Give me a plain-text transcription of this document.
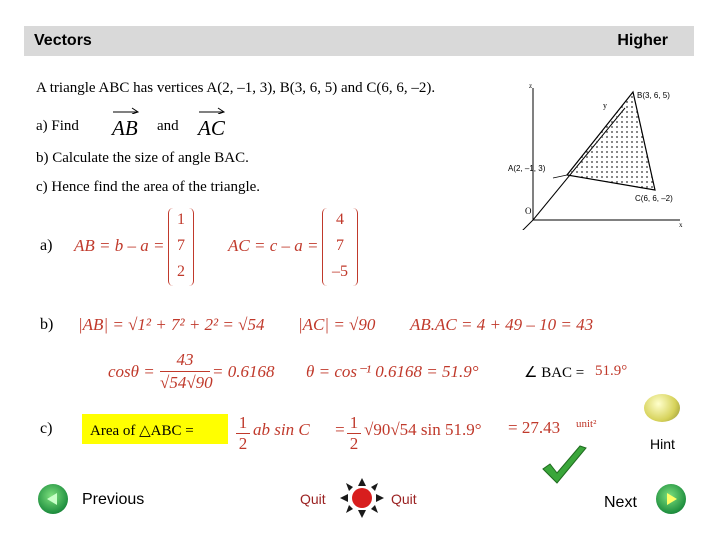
Vectors	Higher
A triangle ABC has vertices A(2, –1, 3), B(3, 6, 5) and C(6, 6, –2).
a) Find AB and AC
b) Calculate the size of angle BAC.
c) Hence find the area of the triangle.
z
y
x
O
B(3, 6, 5)
A(2, –1, 3)
C(6, 6, –2)
a) AB = b – a =
1
7
2
AC = c – a =
4
7
–5
b) |AB| = √1² + 7² + 2² = √54 |AC| = √90 AB.AC = 4 + 49 – 10 = 43
cosθ =
43
√54√90
= 0.6168 θ = cos⁻¹ 0.6168 = 51.9°	∠ BAC = 51.9°
c)	Area of △ABC =	1
2
ab sin C = 1
2
√90√54 sin 51.9° = 27.43 unit²
Hint
Previous	Quit	Quit	Next
